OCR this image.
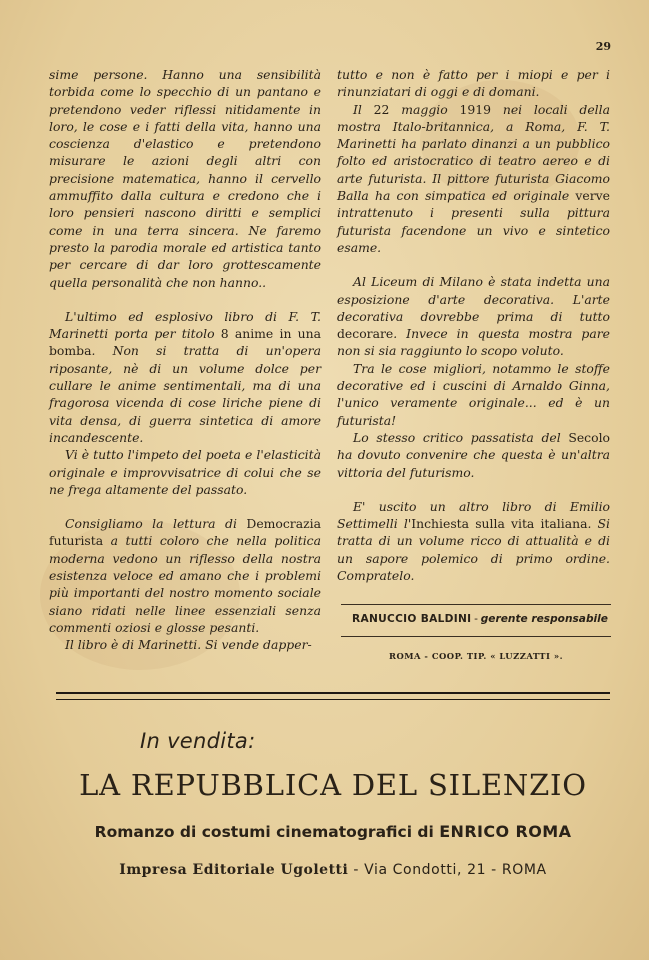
29

sime persone. Hanno una sensibilità torbida come lo specchio di un pantano e pretendono veder riflessi nitidamente in loro, le cose e i fatti della vita, hanno una coscienza d'elastico e pretendono misurare le azioni degli altri con precisione matematica, hanno il cervello ammuffito dalla cultura e credono che i loro pensieri nascono diritti e semplici come in una terra sincera. Ne faremo presto la parodia morale ed artistica tanto per cercare di dar loro grottescamente quella personalità che non hanno..

L'ultimo ed esplosivo libro di F. T. Marinetti porta per titolo 8 anime in una bomba. Non si tratta di un'opera riposante, nè di un volume dolce per cullare le anime sentimentali, ma di una fragorosa vicenda di cose liriche piene di vita densa, di guerra sintetica di amore incandescente.

Vi è tutto l'impeto del poeta e l'elasticità originale e improvvisatrice di colui che se ne frega altamente del passato.

Consigliamo la lettura di Democrazia futurista a tutti coloro che nella politica moderna vedono un riflesso della nostra esistenza veloce ed amano che i problemi più importanti del nostro momento sociale siano ridati nelle linee essenziali senza commenti oziosi e glosse pesanti.

Il libro è di Marinetti. Si vende dapper-

tutto e non è fatto per i miopi e per i rinunziatari di oggi e di domani.

Il 22 maggio 1919 nei locali della mostra Italo-britannica, a Roma, F. T. Marinetti ha parlato dinanzi a un pubblico folto ed aristocratico di teatro aereo e di arte futurista. Il pittore futurista Giacomo Balla ha con simpatica ed originale verve intrattenuto i presenti sulla pittura futurista facendone un vivo e sintetico esame.

Al Liceum di Milano è stata indetta una esposizione d'arte decorativa. L'arte decorativa dovrebbe prima di tutto decorare. Invece in questa mostra pare non si sia raggiunto lo scopo voluto.

Tra le cose migliori, notammo le stoffe decorative ed i cuscini di Arnaldo Ginna, l'unico veramente originale... ed è un futurista!

Lo stesso critico passatista del Secolo ha dovuto convenire che questa è un'altra vittoria del futurismo.

E' uscito un altro libro di Emilio Settimelli l'Inchiesta sulla vita italiana. Si tratta di un volume ricco di attualità e di un sapore polemico di primo ordine. Compratelo.

RANUCCIO BALDINI - gerente responsabile
ROMA - COOP. TIP. « LUZZATTI ».
In vendita:
LA REPUBBLICA DEL SILENZIO
Romanzo di costumi cinematografici di ENRICO ROMA
Impresa Editoriale Ugoletti - Via Condotti, 21 - ROMA
